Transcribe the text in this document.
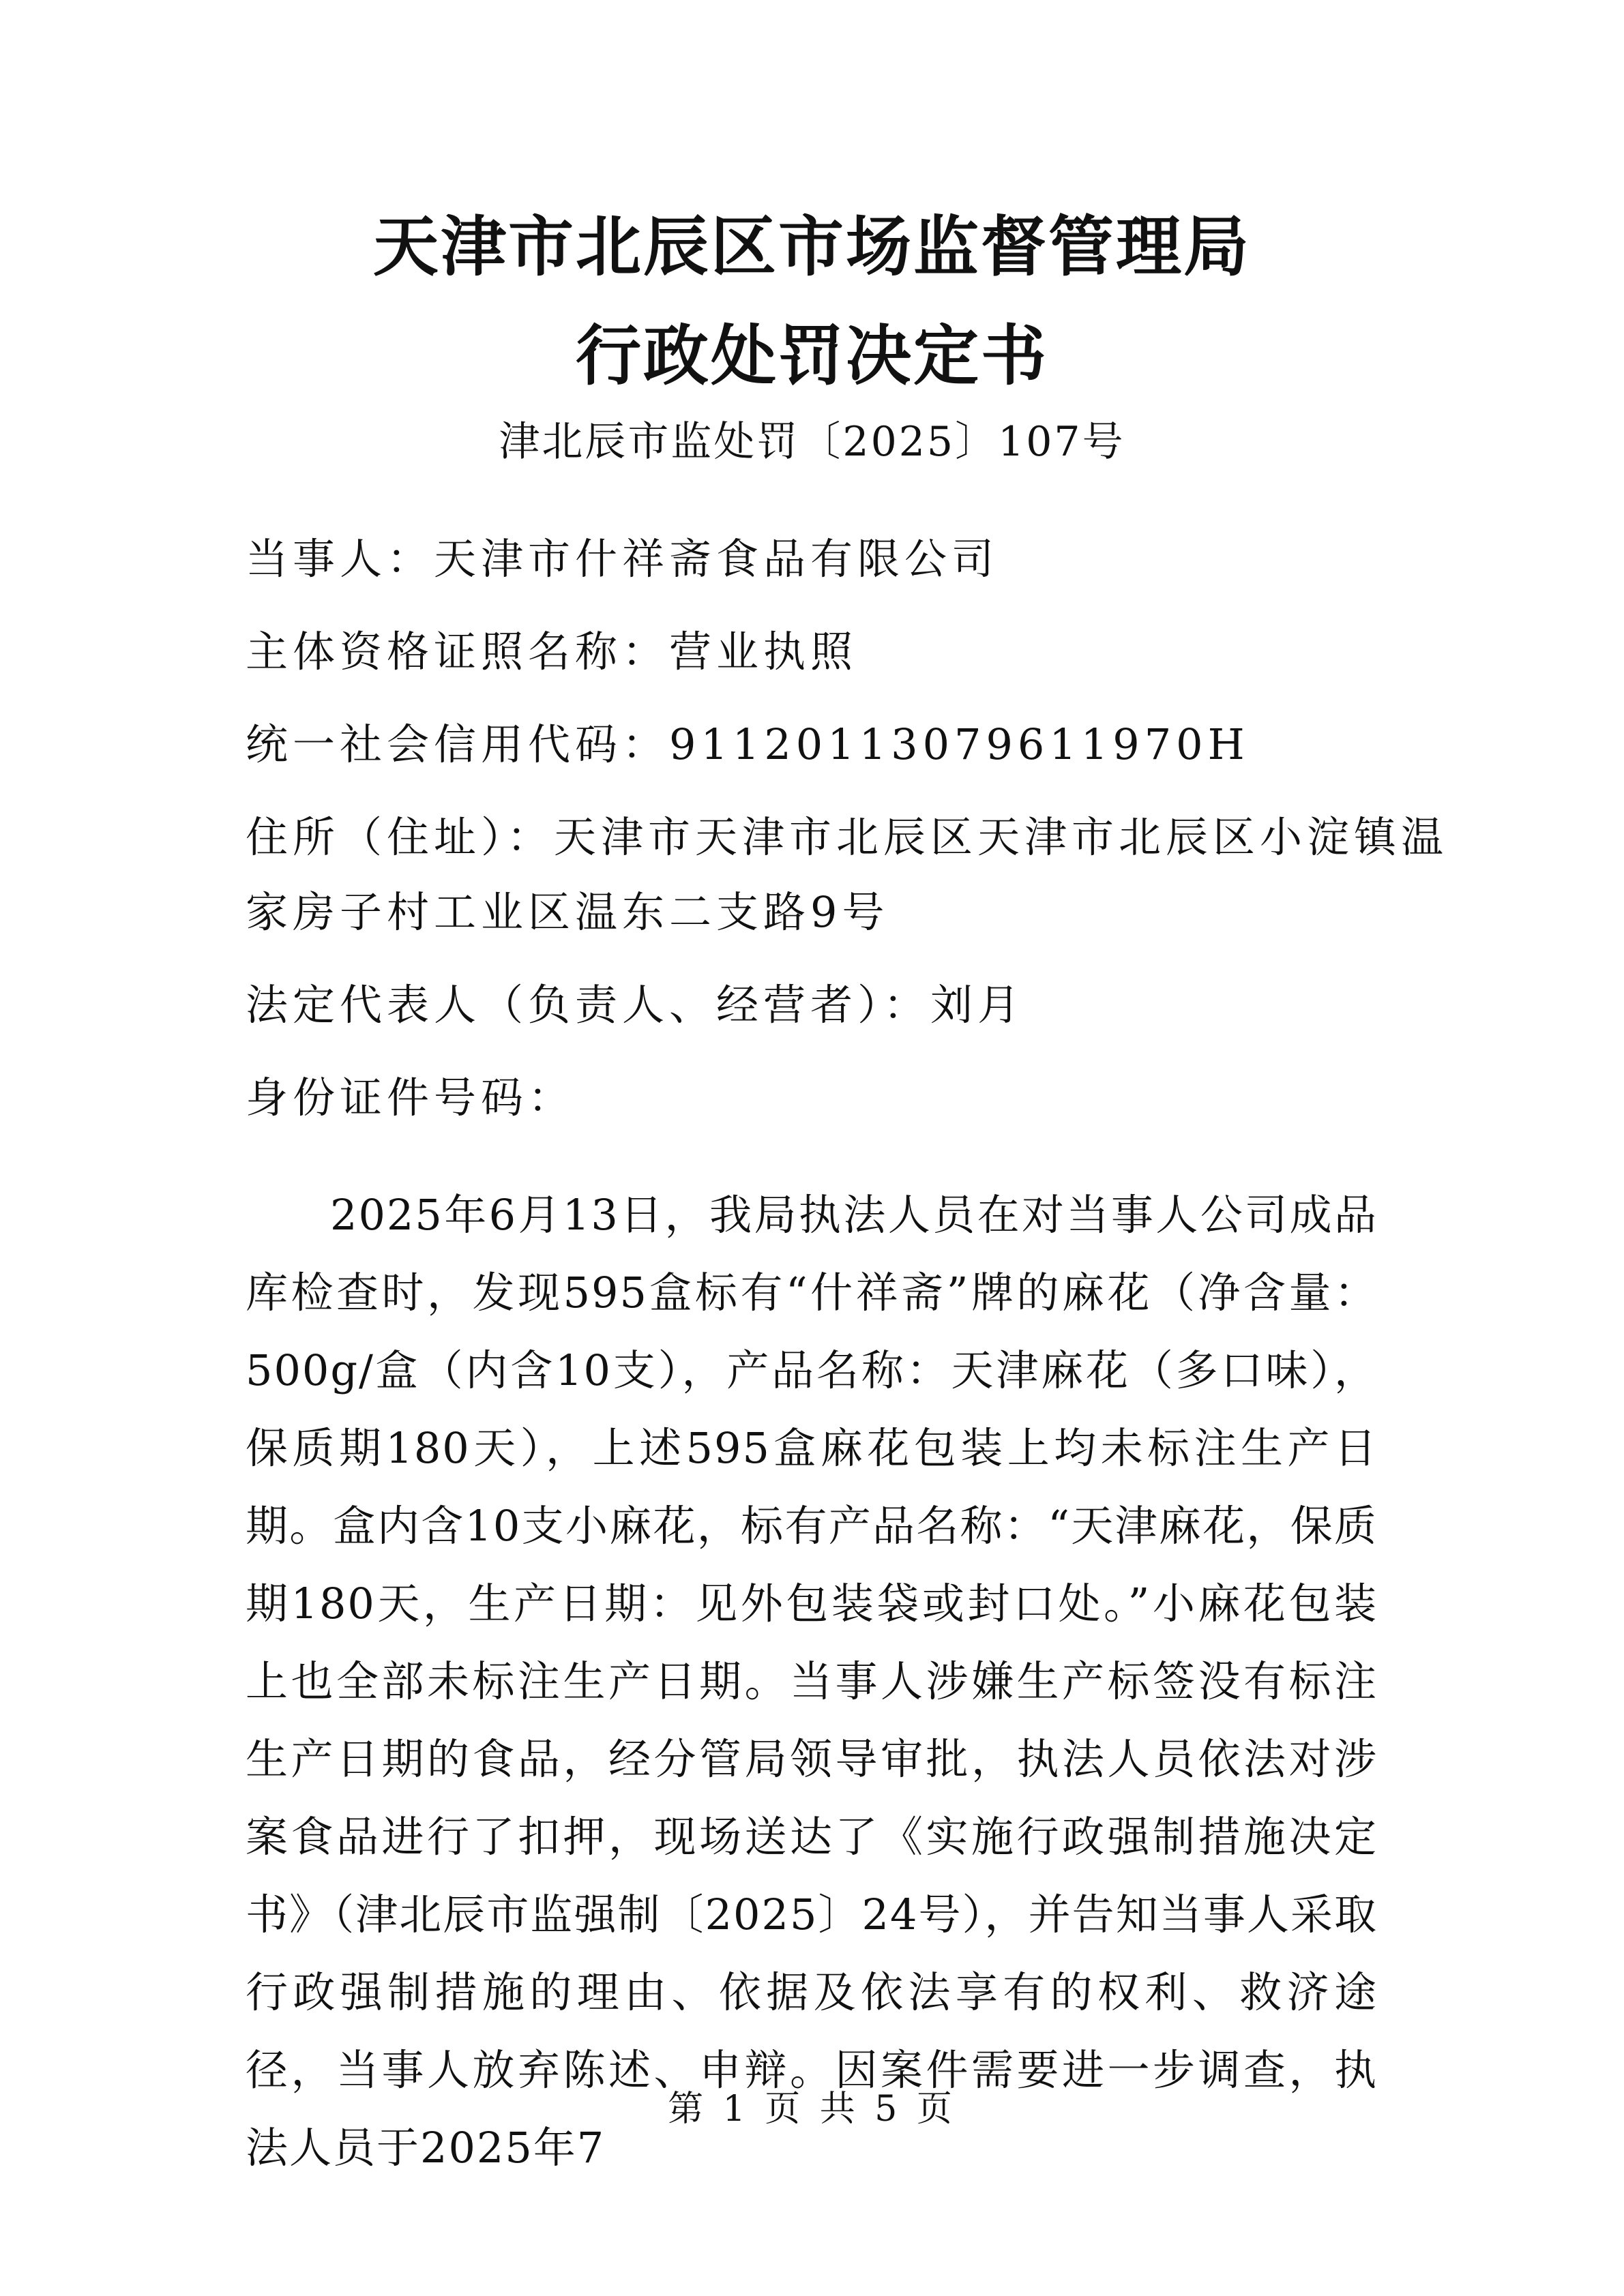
天津市北辰区市场监督管理局
行政处罚决定书
津北辰市监处罚〔2025〕107号
当事人：天津市什祥斋食品有限公司
主体资格证照名称：营业执照
统一社会信用代码：91120113079611970H
住所（住址）：天津市天津市北辰区天津市北辰区小淀镇温
家房子村工业区温东二支路9号
法定代表人（负责人、经营者）：刘月
身份证件号码：
2025年6月13日，我局执法人员在对当事人公司成品库检查时，发现595盒标有“什祥斋”牌的麻花（净含量：500g/盒（内含10支），产品名称：天津麻花（多口味），保质期180天），上述595盒麻花包装上均未标注生产日期。盒内含10支小麻花，标有产品名称：“天津麻花，保质期180天，生产日期：见外包装袋或封口处。”小麻花包装上也全部未标注生产日期。当事人涉嫌生产标签没有标注生产日期的食品，经分管局领导审批，执法人员依法对涉案食品进行了扣押，现场送达了《实施行政强制措施决定书》（津北辰市监强制〔2025〕24号），并告知当事人采取行政强制措施的理由、依据及依法享有的权利、救济途径，当事人放弃陈述、申辩。因案件需要进一步调查，执法人员于2025年7
第 1 页 共 5 页
